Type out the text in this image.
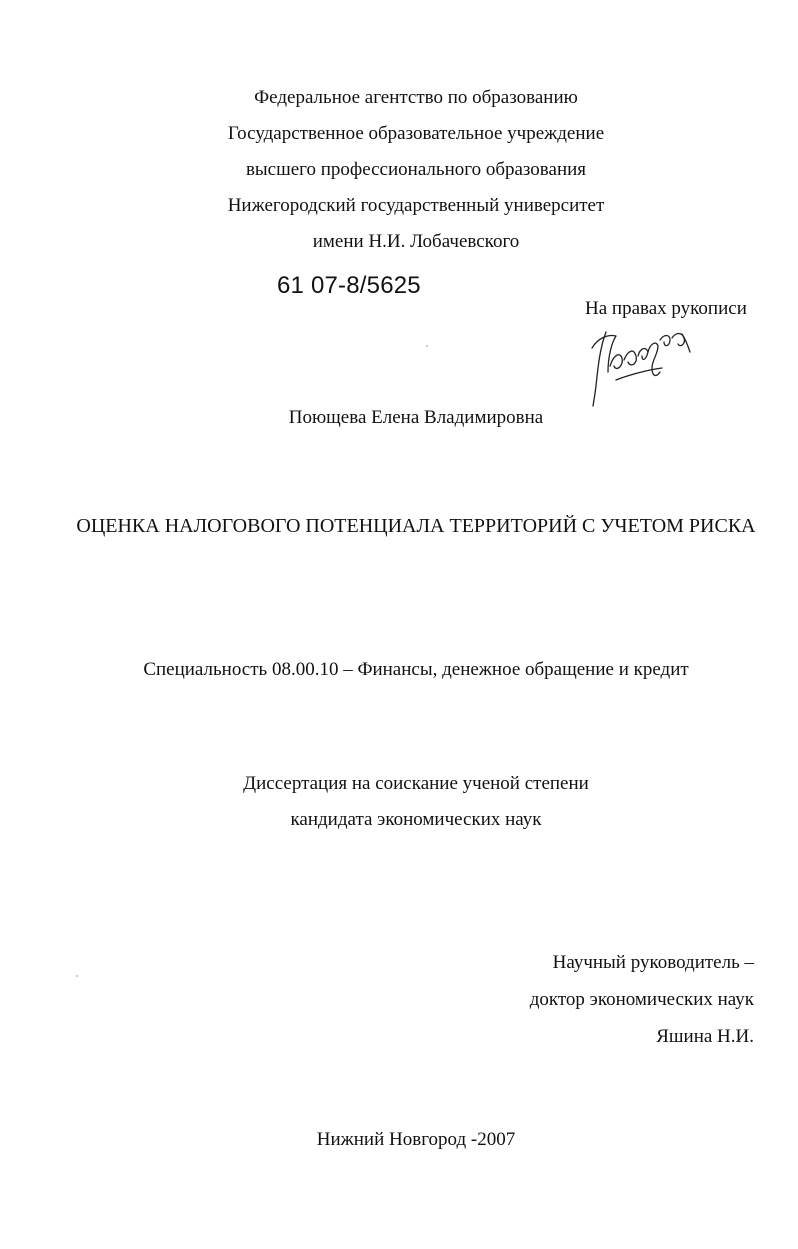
Федеральное агентство по образованию
Государственное образовательное учреждение
высшего профессионального образования
Нижегородский государственный университет
имени Н.И. Лобачевского
61 07-8/5625
На правах рукописи
Поющева Елена Владимировна
ОЦЕНКА НАЛОГОВОГО ПОТЕНЦИАЛА ТЕРРИТОРИЙ С УЧЕТОМ РИСКА
Специальность 08.00.10 – Финансы, денежное обращение и кредит
Диссертация на соискание ученой степени
кандидата экономических наук
Научный руководитель –
доктор экономических наук
Яшина Н.И.
Нижний Новгород -2007
